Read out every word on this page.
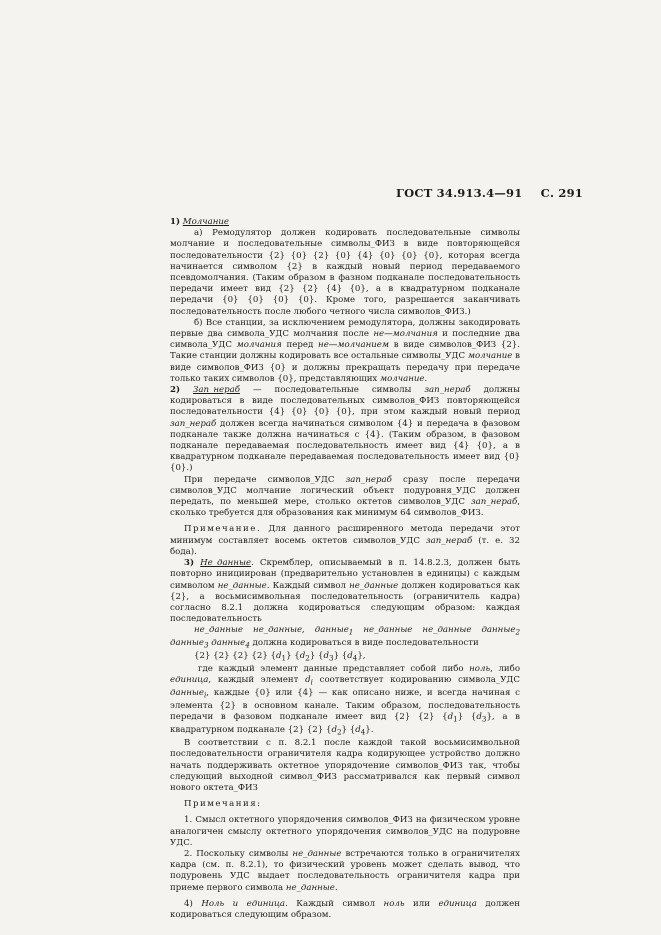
ГОСТ 34.913.4—91 С. 291

1) Молчание

а) Ремодулятор должен кодировать последовательные символы молчание и последовательные символы_ФИЗ в виде повторяющейся последовательности {2} {0} {2} {0} {4} {0} {0} {0}, которая всегда начинается символом {2} в каждый новый период передаваемого псевдомолчания. (Таким образом в фазном подканале последовательность передачи имеет вид {2} {2} {4} {0}, а в квадратурном подканале передачи {0} {0} {0} {0}. Кроме того, разрешается заканчивать последовательность после любого четного числа символов_ФИЗ.)

б) Все станции, за исключением ремодулятора, должны закодировать первые два символа_УДС молчания после не—молчания и последние два символа_УДС молчания перед не—молчанием в виде символов_ФИЗ {2}. Такие станции должны кодировать все остальные символы_УДС молчание в виде символов_ФИЗ {0} и должны прекращать передачу при передаче только таких символов {0}, представляющих молчание.

2) Зап_нераб — последовательные символы зап_нераб должны кодироваться в виде последовательных символов_ФИЗ повторяющейся последовательности {4} {0} {0} {0}, при этом каждый новый период зап_нераб должен всегда начинаться символом {4} и передача в фазовом подканале также должна начинаться с {4}. (Таким образом, в фазовом подканале передаваемая последовательность имеет вид {4} {0}, а в квадратурном подканале передаваемая последовательность имеет вид {0} {0}.)

При передаче символов_УДС зап_нераб сразу после передачи символов_УДС молчание логический объект подуровня_УДС должен передать, по меньшей мере, столько октетов символов_УДС зап_нераб, сколько требуется для образования как минимум 64 символов_ФИЗ.

Примечание. Для данного расширенного метода передачи этот минимум составляет восемь октетов символов_УДС зап_нераб (т. е. 32 бода).

3) Не_данные. Скремблер, описываемый в п. 14.8.2.3, должен быть повторно инициирован (предварительно установлен в единицы) с каждым символом не_данные. Каждый символ не_данные должен кодироваться как {2}, а восьмисимвольная последовательность (ограничитель кадра) согласно 8.2.1 должна кодироваться следующим образом: каждая последовательность

не_данные не_данные, данные$_1$ не_данные не_данные данные$_2$ данные$_3$ данные$_4$ должна кодироваться в виде последовательности

{2} {2} {2} {2} $\{d_1\}$ $\{d_2\}$ $\{d_3\}$ $\{d_4\}$,

где каждый элемент данные представляет собой либо ноль, либо единица, каждый элемент $d_i$ соответствует кодированию символа_УДС данные$_i$, каждые {0} или {4} — как описано ниже, и всегда начиная с элемента {2} в основном канале. Таким образом, последовательность передачи в фазовом подканале имеет вид {2} {2} $\{d_1\}$ $\{d_3\}$, а в квадратурном подканале {2} {2} $\{d_2\}$ $\{d_4\}$.

В соответствии с п. 8.2.1 после каждой такой восьмисимвольной последовательности ограничителя кадра кодирующее устройство должно начать поддерживать октетное упорядочение символов_ФИЗ так, чтобы следующий выходной символ_ФИЗ рассматривался как первый символ нового октета_ФИЗ

Примечания:

1. Смысл октетного упорядочения символов_ФИЗ на физическом уровне аналогичен смыслу октетного упорядочения символов_УДС на подуровне УДС.

2. Поскольку символы не_данные встречаются только в ограничителях кадра (см. п. 8.2.1), то физический уровень может сделать вывод, что подуровень УДС выдает последовательность ограничителя кадра при приеме первого символа не_данные.

4) Ноль и единица. Каждый символ ноль или единица должен кодироваться следующим образом.
